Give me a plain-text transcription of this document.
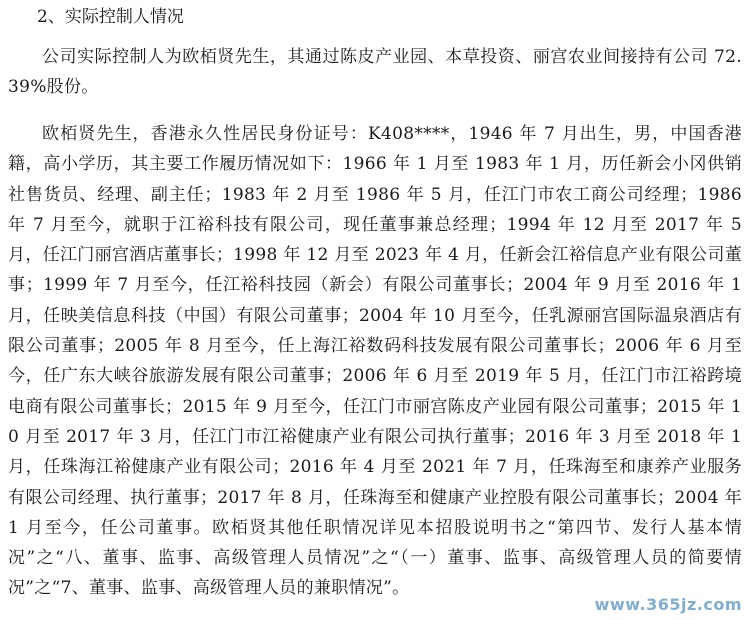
2、实际控制人情况

公司实际控制人为欧栢贤先生，其通过陈皮产业园、本草投资、丽宫农业间接持有公司 72.39%股份。

欧栢贤先生，香港永久性居民身份证号：K408****，1946 年 7 月出生，男，中国香港籍，高小学历，其主要工作履历情况如下：1966 年 1 月至 1983 年 1 月，历任新会小冈供销社售货员、经理、副主任；1983 年 2 月至 1986 年 5 月，任江门市农工商公司经理；1986 年 7 月至今，就职于江裕科技有限公司，现任董事兼总经理；1994 年 12 月至 2017 年 5 月，任江门丽宫酒店董事长；1998 年 12 月至 2023 年 4 月，任新会江裕信息产业有限公司董事；1999 年 7 月至今，任江裕科技园（新会）有限公司董事长；2004 年 9 月至 2016 年 1 月，任映美信息科技（中国）有限公司董事；2004 年 10 月至今，任乳源丽宫国际温泉酒店有限公司董事；2005 年 8 月至今，任上海江裕数码科技发展有限公司董事长；2006 年 6 月至今，任广东大峡谷旅游发展有限公司董事；2006 年 6 月至 2019 年 5 月，任江门市江裕跨境电商有限公司董事长；2015 年 9 月至今，任江门市丽宫陈皮产业园有限公司董事；2015 年 10 月至 2017 年 3 月，任江门市江裕健康产业有限公司执行董事；2016 年 3 月至 2018 年 1 月，任珠海江裕健康产业有限公司；2016 年 4 月至 2021 年 7 月，任珠海至和康养产业服务有限公司经理、执行董事；2017 年 8 月，任珠海至和健康产业控股有限公司董事长；2004 年 1 月至今，任公司董事。欧栢贤其他任职情况详见本招股说明书之“第四节、发行人基本情况”之“八、董事、监事、高级管理人员情况”之“（一）董事、监事、高级管理人员的简要情况”之“7、董事、监事、高级管理人员的兼职情况”。

www.365jz.com
